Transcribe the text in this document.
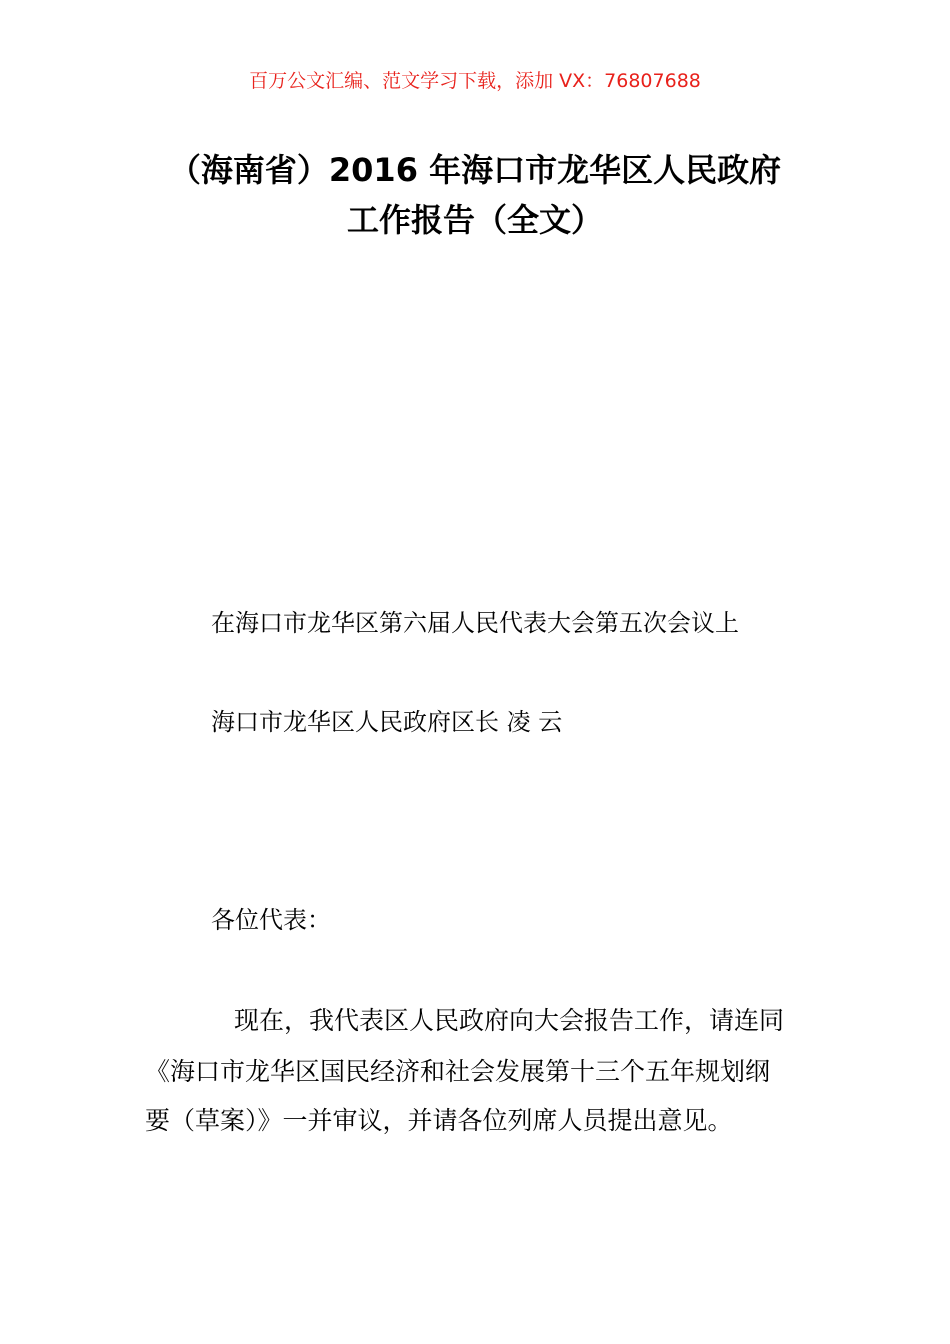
百万公文汇编、范文学习下载，添加 VX：76807688
（海南省）2016 年海口市龙华区人民政府
工作报告（全文）
在海口市龙华区第六届人民代表大会第五次会议上
海口市龙华区人民政府区长 凌 云
各位代表：
现在，我代表区人民政府向大会报告工作，请连同
《海口市龙华区国民经济和社会发展第十三个五年规划纲
要（草案）》一并审议，并请各位列席人员提出意见。
